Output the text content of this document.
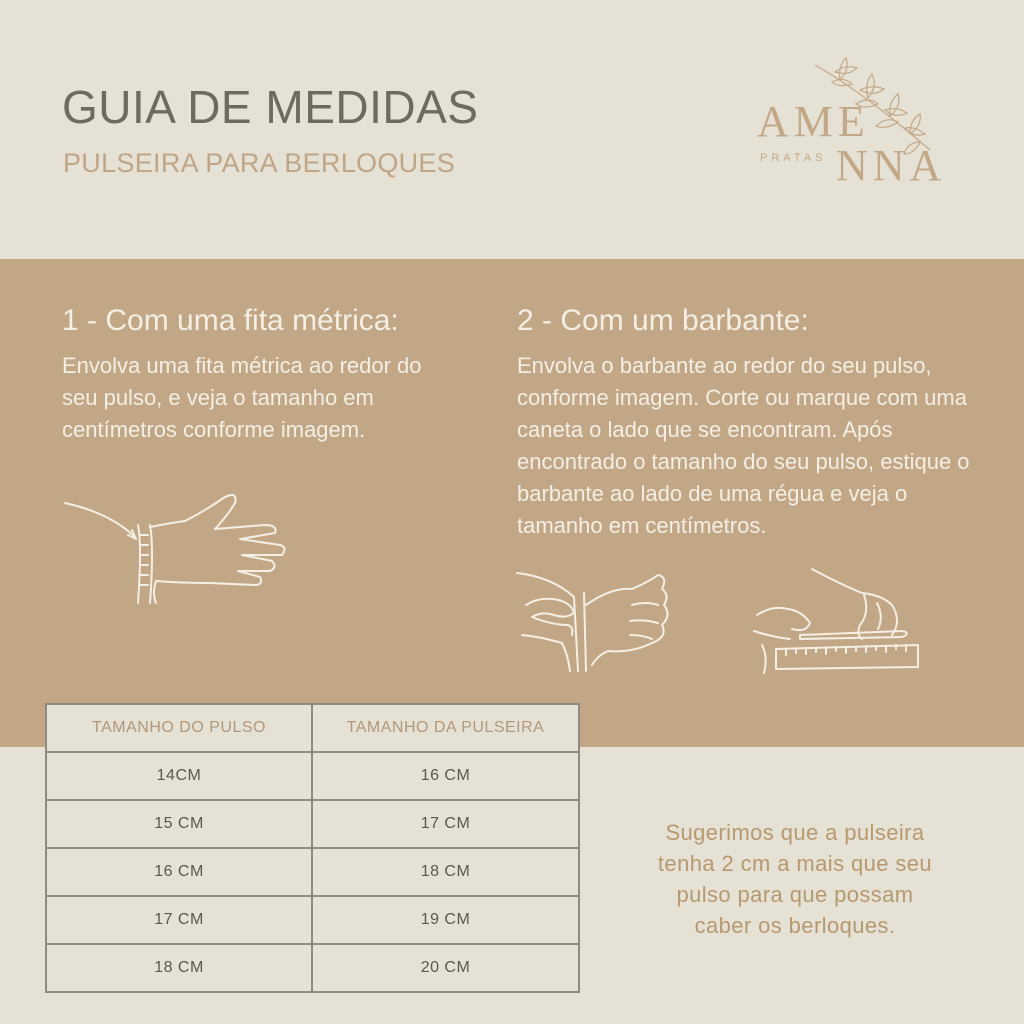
GUIA DE MEDIDAS
PULSEIRA PARA BERLOQUES
AME
PRATAS NNA
1 - Com uma fita métrica:

Envolva uma fita métrica ao redor do seu pulso, e veja o tamanho em centímetros conforme imagem.

2 - Com um barbante:

Envolva o barbante ao redor do seu pulso, conforme imagem. Corte ou marque com uma caneta o lado que se encontram. Após encontrado o tamanho do seu pulso, estique o barbante ao lado de uma régua e veja o tamanho em centímetros.

TAMANHO DO PULSO	TAMANHO DA PULSEIRA
14CM	16 CM
15 CM	17 CM
16 CM	18 CM
17 CM	19 CM
18 CM	20 CM
Sugerimos que a pulseira
tenha 2 cm a mais que seu
pulso para que possam
caber os berloques.
